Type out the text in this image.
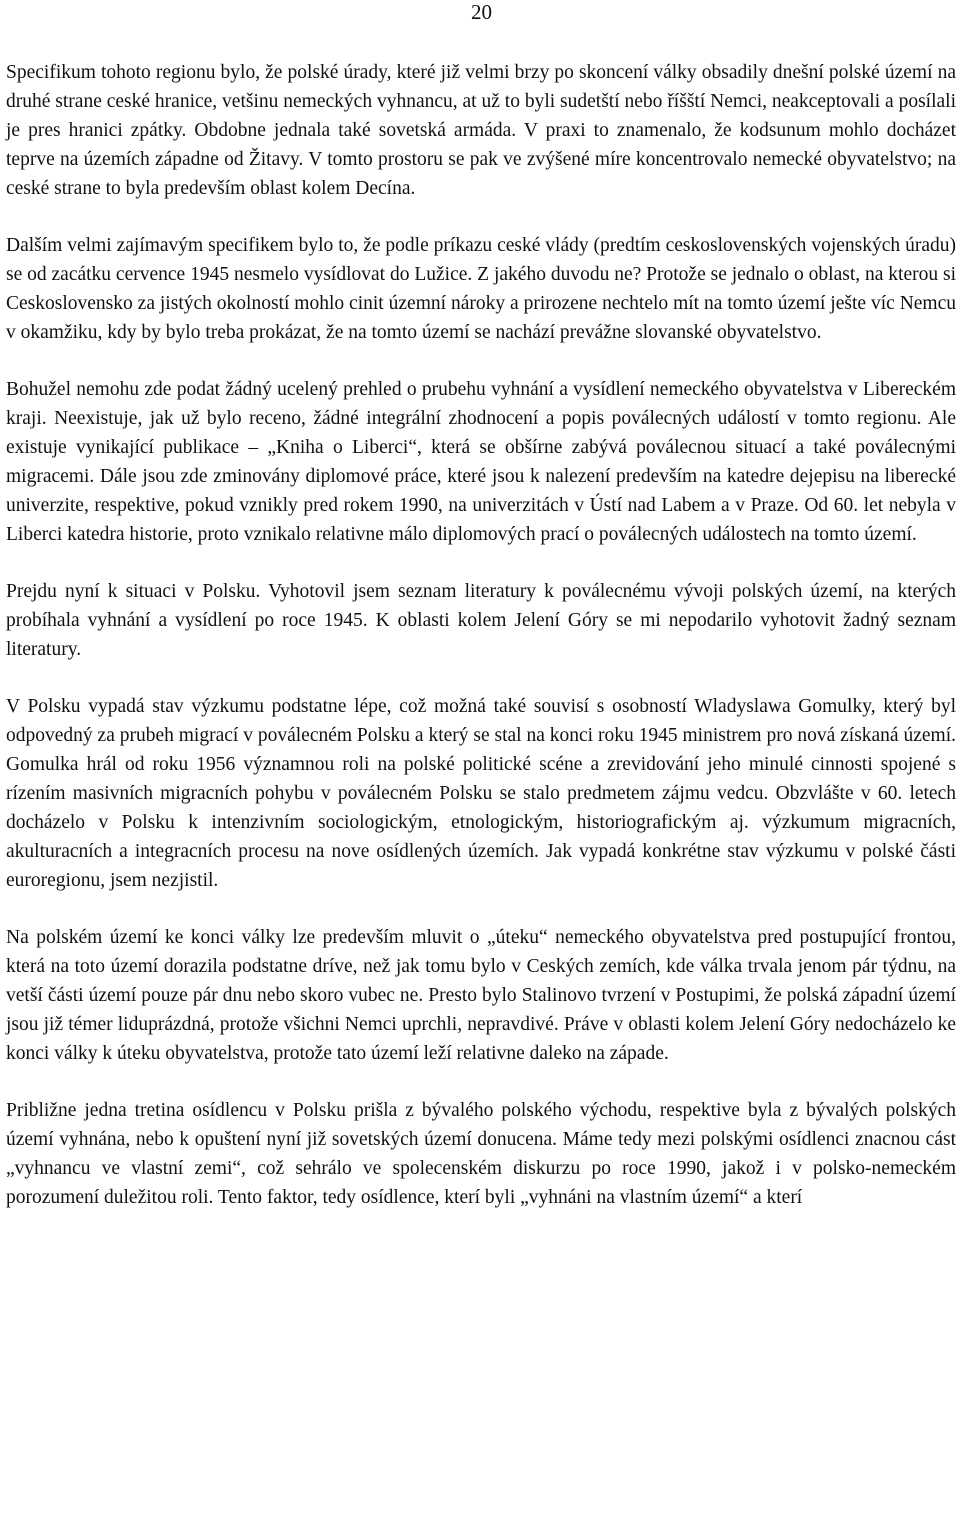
20

Specifikum tohoto regionu bylo, že polské úrady, které již velmi brzy po skoncení války obsadily dnešní polské území na druhé strane ceské hranice, vetšinu nemeckých vyhnancu, at už to byli sudetští nebo říšští Nemci, neakceptovali a posílali je pres hranici zpátky. Obdobne jednala také sovetská armáda. V praxi to znamenalo, že kodsunum mohlo docházet teprve na územích západne od Žitavy. V tomto prostoru se pak ve zvýšené míre koncentrovalo nemecké obyvatelstvo; na ceské strane to byla predevším oblast kolem Decína.

Dalším velmi zajímavým specifikem bylo to, že podle príkazu ceské vlády (predtím ceskoslovenských vojenských úradu) se od zacátku cervence 1945 nesmelo vysídlovat do Lužice. Z jakého duvodu ne? Protože se jednalo o oblast, na kterou si Ceskoslovensko za jistých okolností mohlo cinit územní nároky a prirozene nechtelo mít na tomto území ješte víc Nemcu v okamžiku, kdy by bylo treba prokázat, že na tomto území se nachází prevážne slovanské obyvatelstvo.

Bohužel nemohu zde podat žádný ucelený prehled o prubehu vyhnání a vysídlení nemeckého obyvatelstva v Libereckém kraji. Neexistuje, jak už bylo receno, žádné integrální zhodnocení a popis poválecných událostí v tomto regionu. Ale existuje vynikající publikace – „Kniha o Liberci“, která se obšírne zabývá poválecnou situací a také poválecnými migracemi. Dále jsou zde zminovány diplomové práce, které jsou k nalezení predevším na katedre dejepisu na liberecké univerzite, respektive, pokud vznikly pred rokem 1990, na univerzitách v Ústí nad Labem a v Praze. Od 60. let nebyla v Liberci katedra historie, proto vznikalo relativne málo diplomových prací o poválecných událostech na tomto území.

Prejdu nyní k situaci v Polsku. Vyhotovil jsem seznam literatury k poválecnému vývoji polských území, na kterých probíhala vyhnání a vysídlení po roce 1945. K oblasti kolem Jelení Góry se mi nepodarilo vyhotovit žadný seznam literatury.

V Polsku vypadá stav výzkumu podstatne lépe, což možná také souvisí s osobností Wladyslawa Gomulky, který byl odpovedný za prubeh migrací v poválecném Polsku a který se stal na konci roku 1945 ministrem pro nová získaná území. Gomulka hrál od roku 1956 významnou roli na polské politické scéne a zrevidování jeho minulé cinnosti spojené s rízením masivních migracních pohybu v poválecném Polsku se stalo predmetem zájmu vedcu. Obzvlášte v 60. letech docházelo v Polsku k intenzivním sociologickým, etnologickým, historiografickým aj. výzkumum migracních, akulturacních a integracních procesu na nove osídlených územích. Jak vypadá konkrétne stav výzkumu v polské části euroregionu, jsem nezjistil.

Na polském území ke konci války lze predevším mluvit o „úteku“ nemeckého obyvatelstva pred postupující frontou, která na toto území dorazila podstatne dríve, než jak tomu bylo v Ceských zemích, kde válka trvala jenom pár týdnu, na vetší části území pouze pár dnu nebo skoro vubec ne. Presto bylo Stalinovo tvrzení v Postupimi, že polská západní území jsou již témer liduprázdná, protože všichni Nemci uprchli, nepravdivé. Práve v oblasti kolem Jelení Góry nedocházelo ke konci války k úteku obyvatelstva, protože tato území leží relativne daleko na západe.

Približne jedna tretina osídlencu v Polsku prišla z bývalého polského východu, respektive byla z bývalých polských území vyhnána, nebo k opuštení nyní již sovetských území donucena. Máme tedy mezi polskými osídlenci znacnou cást „vyhnancu ve vlastní zemi“, což sehrálo ve spolecenském diskurzu po roce 1990, jakož i v polsko-nemeckém porozumení duležitou roli. Tento faktor, tedy osídlence, kterí byli „vyhnáni na vlastním území“ a kterí
